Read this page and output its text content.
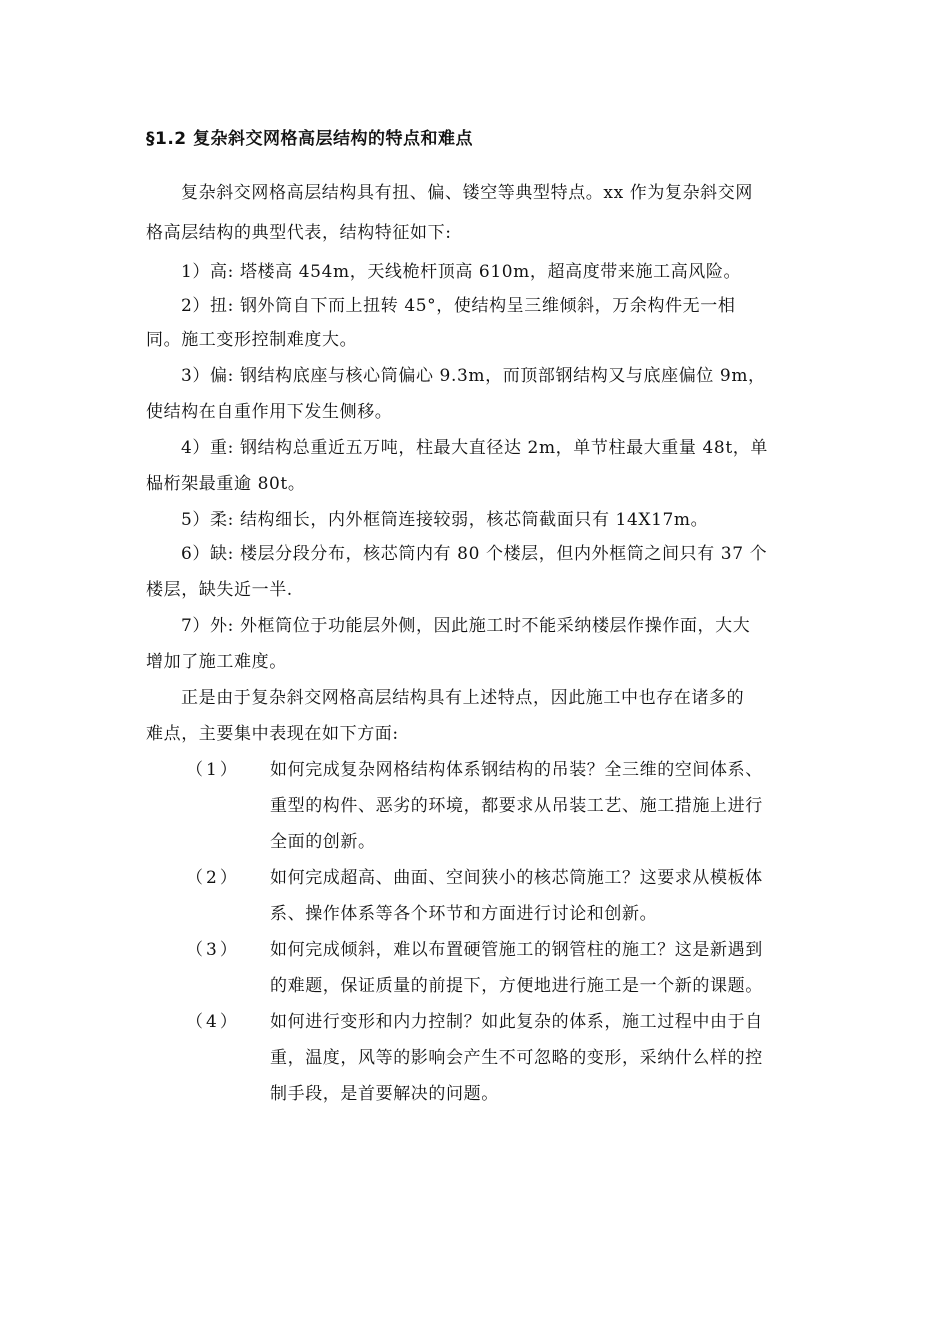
§1.2 复杂斜交网格高层结构的特点和难点
复杂斜交网格高层结构具有扭、偏、镂空等典型特点。xx 作为复杂斜交网
格高层结构的典型代表，结构特征如下:
1）高: 塔楼高 454m，天线桅杆顶高 610m，超高度带来施工高风险。
2）扭: 钢外筒自下而上扭转 45°，使结构呈三维倾斜，万余构件无一相
同。施工变形控制难度大。
3）偏: 钢结构底座与核心筒偏心 9.3m，而顶部钢结构又与底座偏位 9m，
使结构在自重作用下发生侧移。
4）重: 钢结构总重近五万吨，柱最大直径达 2m，单节柱最大重量 48t，单
榀桁架最重逾 80t。
5）柔: 结构细长，内外框筒连接较弱，核芯筒截面只有 14X17m。
6）缺: 楼层分段分布，核芯筒内有 80 个楼层，但内外框筒之间只有 37 个
楼层，缺失近一半.
7）外: 外框筒位于功能层外侧，因此施工时不能采纳楼层作操作面，大大
增加了施工难度。
正是由于复杂斜交网格高层结构具有上述特点，因此施工中也存在诸多的
难点，主要集中表现在如下方面:
（1） 如何完成复杂网格结构体系钢结构的吊装？全三维的空间体系、
重型的构件、恶劣的环境，都要求从吊装工艺、施工措施上进行
全面的创新。
（2） 如何完成超高、曲面、空间狭小的核芯筒施工？这要求从模板体
系、操作体系等各个环节和方面进行讨论和创新。
（3） 如何完成倾斜，难以布置硬管施工的钢管柱的施工？这是新遇到
的难题，保证质量的前提下，方便地进行施工是一个新的课题。
（4） 如何进行变形和内力控制？如此复杂的体系，施工过程中由于自
重，温度，风等的影响会产生不可忽略的变形，采纳什么样的控
制手段，是首要解决的问题。
